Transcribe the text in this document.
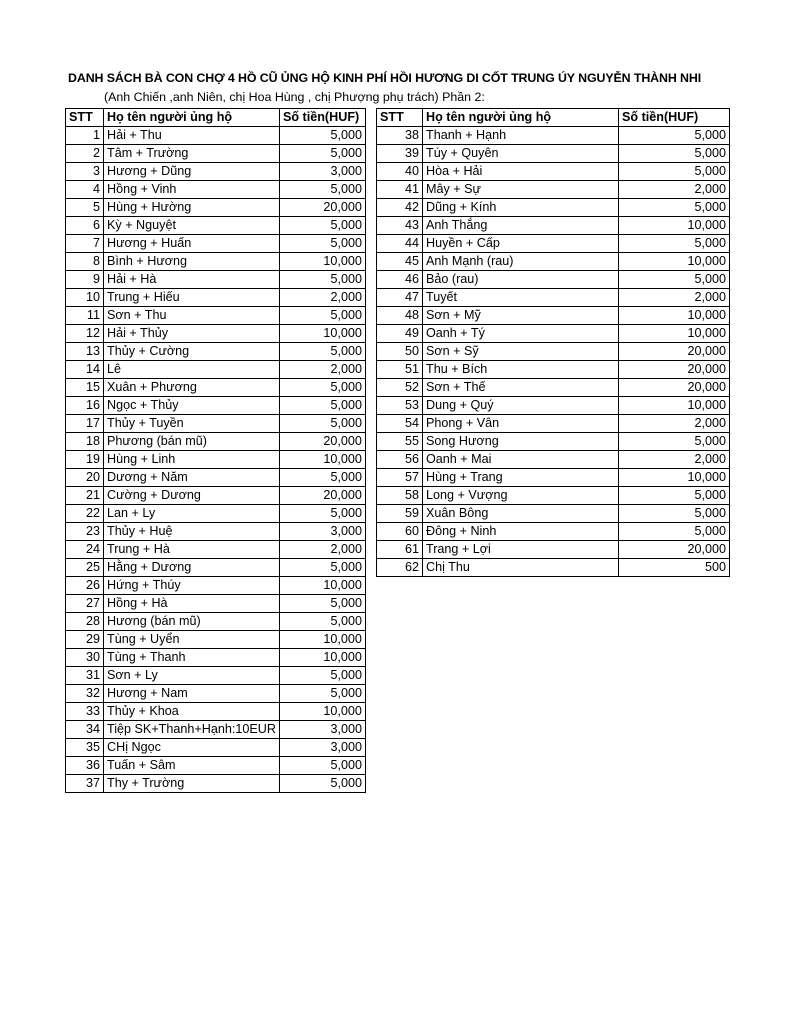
DANH SÁCH BÀ CON CHỢ 4 HỒ CŨ ỦNG HỘ KINH PHÍ HỒI HƯƠNG DI CỐT TRUNG ÚY NGUYỄN THÀNH NHI
(Anh Chiến ,anh Niên, chị Hoa Hùng , chị Phượng phụ trách) Phần 2:
STT	Họ tên người ủng hộ	Số tiền(HUF)
1	Hải + Thu	5,000
2	Tâm + Trường	5,000
3	Hương + Dũng	3,000
4	Hồng + Vinh	5,000
5	Hùng + Hường	20,000
6	Kỳ + Nguyệt	5,000
7	Hương + Huấn	5,000
8	Bình + Hương	10,000
9	Hải + Hà	5,000
10	Trung + Hiếu	2,000
11	Sơn + Thu	5,000
12	Hải + Thủy	10,000
13	Thủy + Cường	5,000
14	Lê	2,000
15	Xuân + Phương	5,000
16	Ngọc + Thủy	5,000
17	Thủy + Tuyền	5,000
18	Phương (bán mũ)	20,000
19	Hùng + Linh	10,000
20	Dương + Năm	5,000
21	Cường + Dương	20,000
22	Lan + Ly	5,000
23	Thủy + Huệ	3,000
24	Trung + Hà	2,000
25	Hằng + Dương	5,000
26	Hứng + Thúy	10,000
27	Hồng + Hà	5,000
28	Hương (bán mũ)	5,000
29	Tùng + Uyển	10,000
30	Tùng + Thanh	10,000
31	Sơn + Ly	5,000
32	Hương + Nam	5,000
33	Thủy + Khoa	10,000
34	Tiệp SK+Thanh+Hạnh:10EUR	3,000
35	CHị Ngọc	3,000
36	Tuấn + Sâm	5,000
37	Thy + Trường	5,000
STT	Họ tên người ủng hộ	Số tiền(HUF)
38	Thanh + Hạnh	5,000
39	Túy + Quyên	5,000
40	Hòa + Hải	5,000
41	Mây + Sự	2,000
42	Dũng + Kính	5,000
43	Anh Thắng	10,000
44	Huyền + Cấp	5,000
45	Anh Mạnh (rau)	10,000
46	Bảo (rau)	5,000
47	Tuyết	2,000
48	Sơn + Mỹ	10,000
49	Oanh + Tý	10,000
50	Sơn + Sỹ	20,000
51	Thu + Bích	20,000
52	Sơn + Thế	20,000
53	Dung + Quý	10,000
54	Phong + Vân	2,000
55	Song Hương	5,000
56	Oanh + Mai	2,000
57	Hùng + Trang	10,000
58	Long + Vượng	5,000
59	Xuân Bông	5,000
60	Đông + Ninh	5,000
61	Trang + Lợi	20,000
62	Chị Thu	500
